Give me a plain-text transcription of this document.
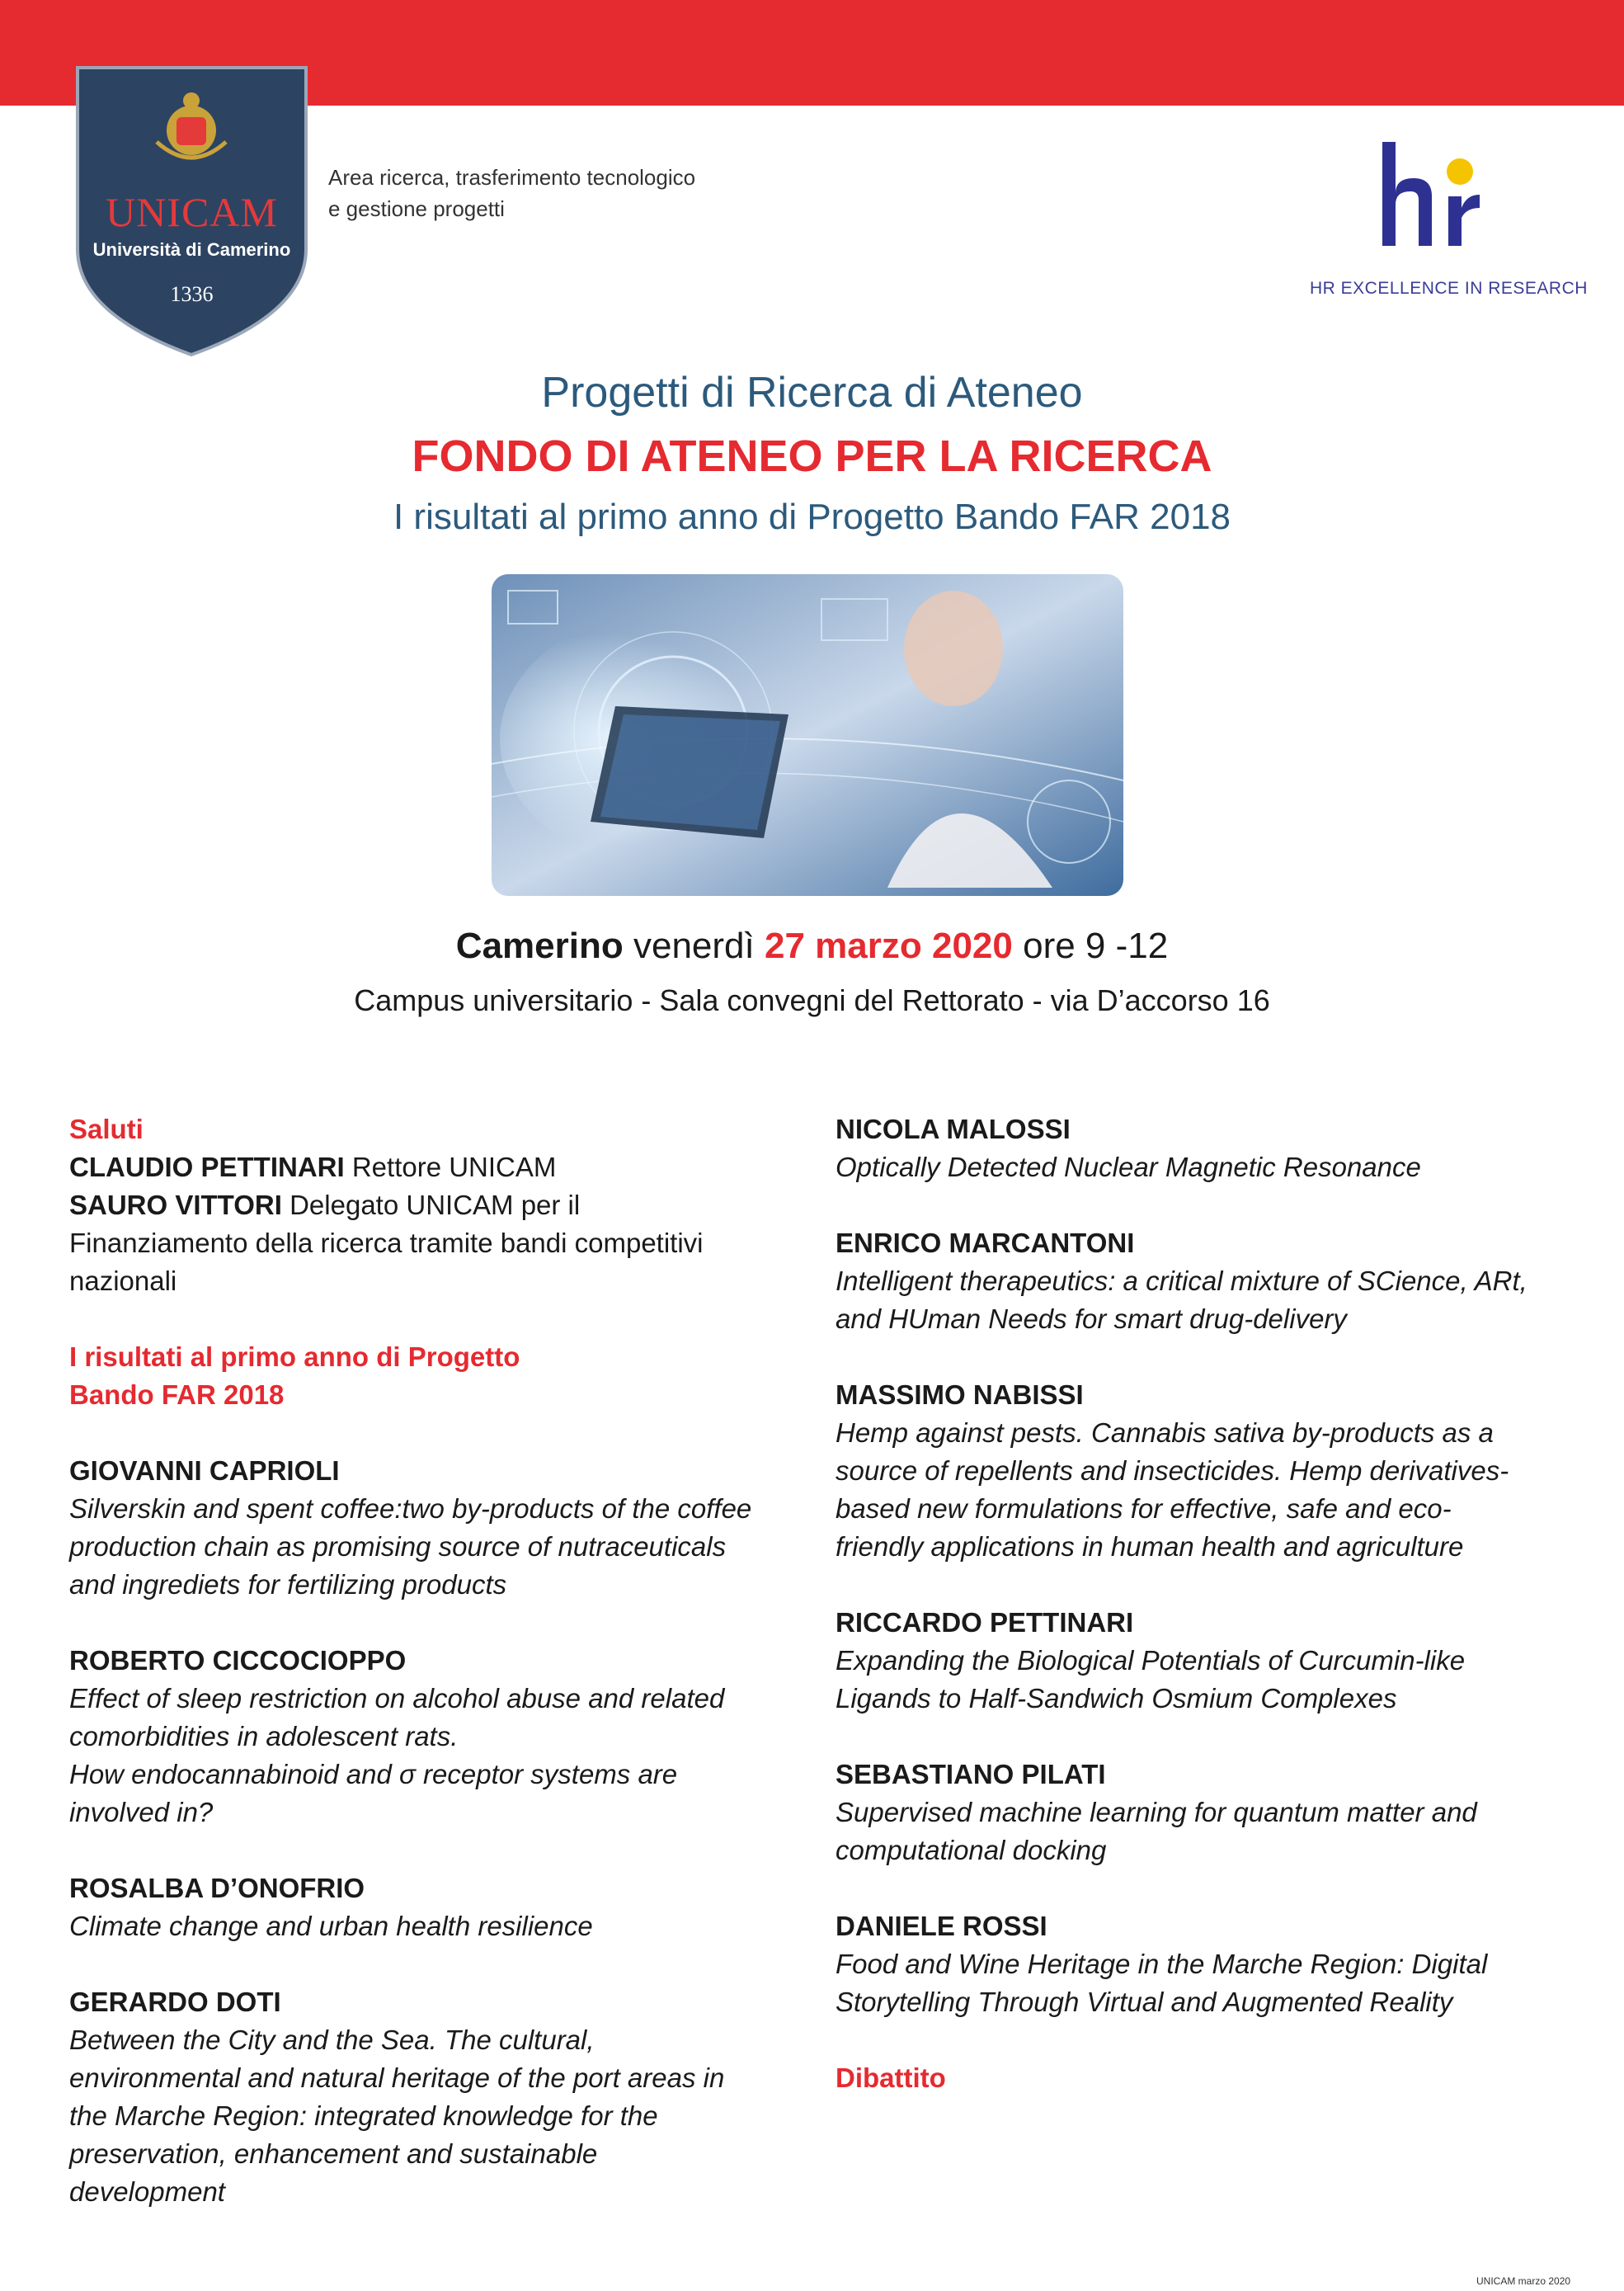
UNICAM
Università di Camerino
1336
Area ricerca, trasferimento tecnologico
e gestione progetti
HR EXCELLENCE IN RESEARCH
Progetti di Ricerca di Ateneo
FONDO DI ATENEO PER LA RICERCA
I risultati al primo anno di Progetto Bando FAR 2018
Camerino venerdì 27 marzo 2020 ore 9 -12
Campus universitario - Sala convegni del Rettorato - via D’accorso 16
Saluti
CLAUDIO PETTINARI Rettore UNICAM
SAURO VITTORI Delegato UNICAM per il
Finanziamento della ricerca tramite bandi competitivi
nazionali
I risultati al primo anno di Progetto
Bando FAR 2018
GIOVANNI CAPRIOLI
Silverskin and spent coffee:two by-products of the coffee
production chain as promising source of nutraceuticals
and ingrediets for fertilizing products
ROBERTO CICCOCIOPPO
Effect of sleep restriction on alcohol abuse and related
comorbidities in adolescent rats.
How endocannabinoid and σ receptor systems are
involved in?
ROSALBA D’ONOFRIO
Climate change and urban health resilience
GERARDO DOTI
Between the City and the Sea. The cultural,
environmental and natural heritage of the port areas in
the Marche Region: integrated knowledge for the
preservation, enhancement and sustainable
development
NICOLA MALOSSI
Optically Detected Nuclear Magnetic Resonance
ENRICO MARCANTONI
Intelligent therapeutics: a critical mixture of SCience, ARt,
and HUman Needs for smart drug-delivery
MASSIMO NABISSI
Hemp against pests. Cannabis sativa by-products as a
source of repellents and insecticides. Hemp derivatives-
based new formulations for effective, safe and eco-
friendly applications in human health and agriculture
RICCARDO PETTINARI
Expanding the Biological Potentials of Curcumin-like
Ligands to Half-Sandwich Osmium Complexes
SEBASTIANO PILATI
Supervised machine learning for quantum matter and
computational docking
DANIELE ROSSI
Food and Wine Heritage in the Marche Region: Digital
Storytelling Through Virtual and Augmented Reality
Dibattito
UNICAM marzo 2020
